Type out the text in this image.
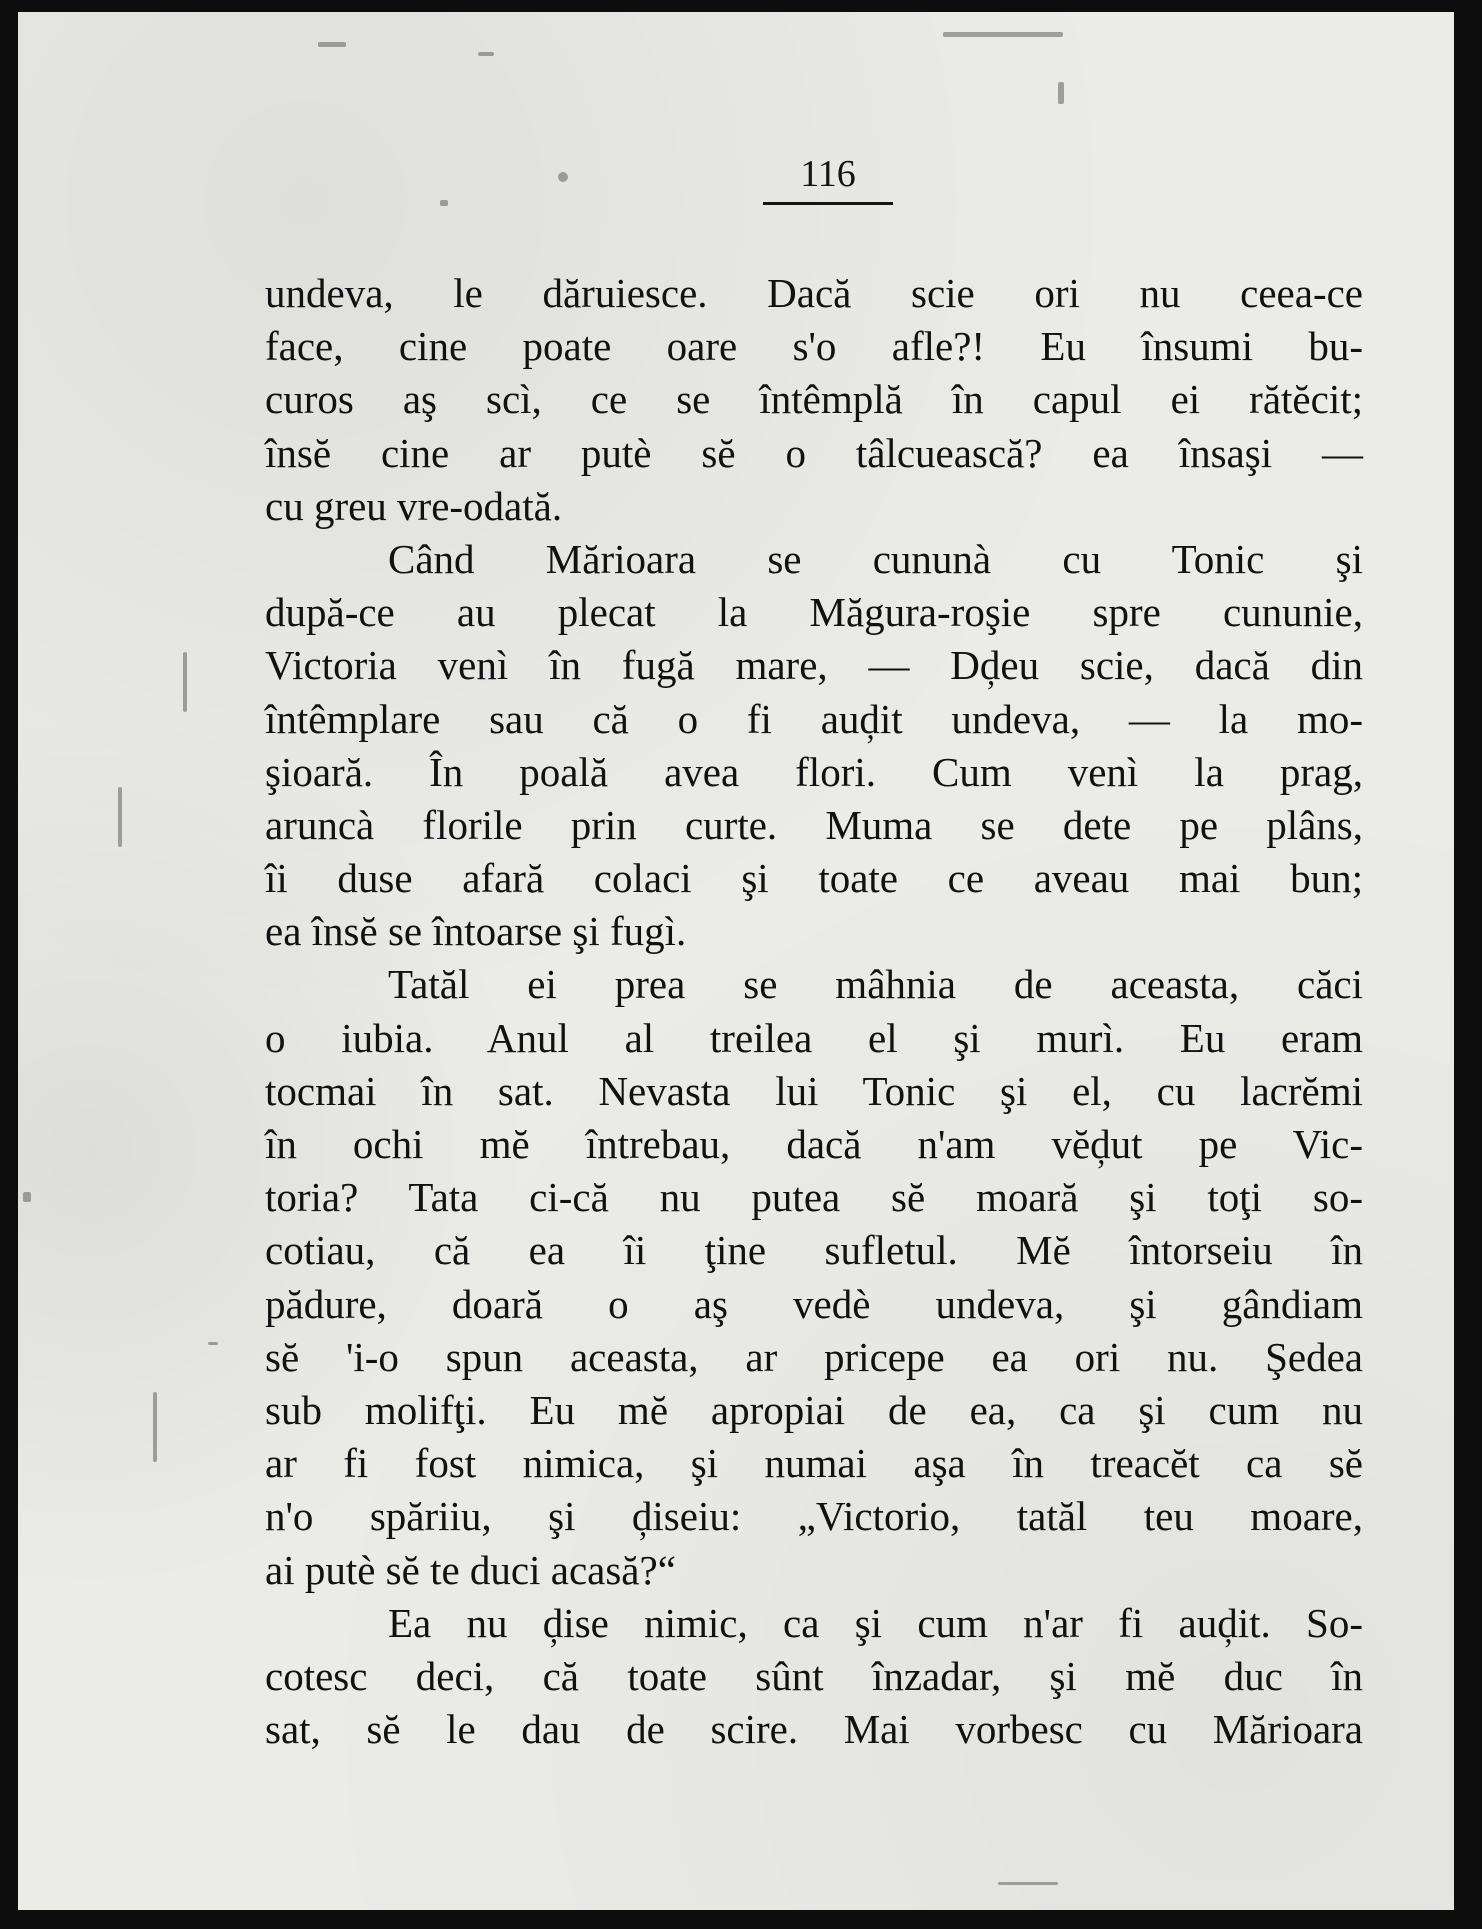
116
undeva, le dăruiesce. Dacă scie ori nu ceea-ce
face, cine poate oare s'o afle?! Eu însumi bu-
curos aş scì, ce se întêmplă în capul ei rătĕcit;
însĕ cine ar putè sĕ o tâlcuească? ea însaşi —
cu greu vre-odată.
Când Mărioara se cununà cu Tonic şi
după-ce au plecat la Măgura-roşie spre cununie,
Victoria venì în fugă mare, — Dḑeu scie, dacă din
întêmplare sau că o fi auḑit undeva, — la mo-
şioară. În poală avea flori. Cum venì la prag,
aruncà florile prin curte. Muma se dete pe plâns,
îi duse afară colaci şi toate ce aveau mai bun;
ea însĕ se întoarse şi fugì.
Tatăl ei prea se mâhnia de aceasta, căci
o iubia. Anul al treilea el şi murì. Eu eram
tocmai în sat. Nevasta lui Tonic şi el, cu lacrĕmi
în ochi mĕ întrebau, dacă n'am vĕḑut pe Vic-
toria? Tata ci-că nu putea sĕ moară şi toţi so-
cotiau, că ea îi ţine sufletul. Mĕ întorseiu în
pădure, doară o aş vedè undeva, şi gândiam
sĕ 'i-o spun aceasta, ar pricepe ea ori nu. Şedea
sub molifţi. Eu mĕ apropiai de ea, ca şi cum nu
ar fi fost nimica, şi numai aşa în treacĕt ca sĕ
n'o spăriiu, şi ḑiseiu: „Victorio, tatăl teu moare,
ai putè sĕ te duci acasă?“
Ea nu ḑise nimic, ca şi cum n'ar fi auḑit. So-
cotesc deci, că toate sûnt înzadar, şi mĕ duc în
sat, sĕ le dau de scire. Mai vorbesc cu Mărioara
